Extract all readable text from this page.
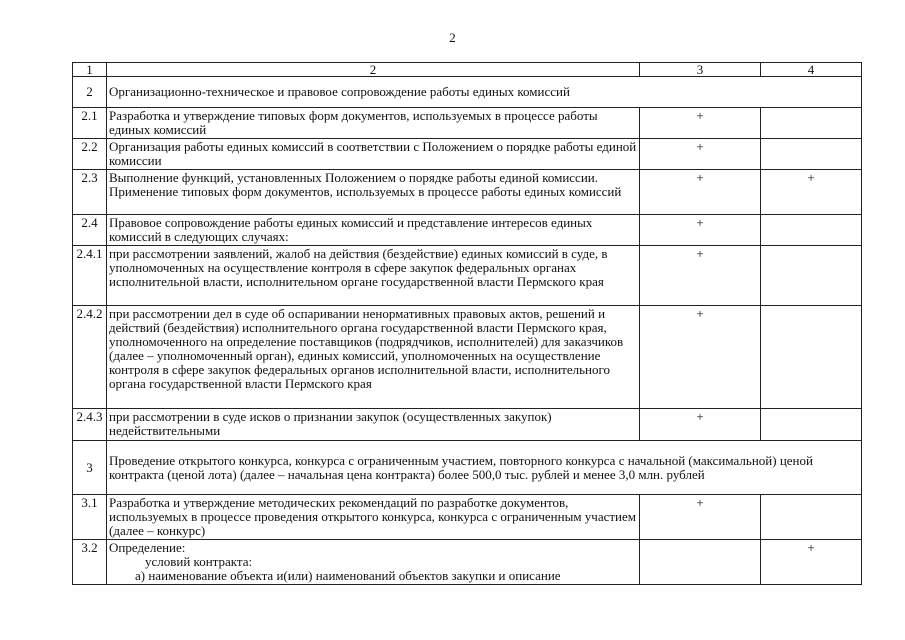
2
1	2	3	4
2	Организационно-техническое и правовое сопровождение работы единых комиссий		
2.1	Разработка и утверждение типовых форм документов, используемых в процессе работы единых комиссий	+	
2.2	Организация работы единых комиссий в соответствии с Положением о порядке работы единой комиссии	+	
2.3	Выполнение функций, установленных Положением о порядке работы единой комиссии. Применение типовых форм документов, используемых в процессе работы единых комиссий	+	+
2.4	Правовое сопровождение работы единых комиссий и представление интересов единых комиссий в следующих случаях:	+	
2.4.1	при рассмотрении заявлений, жалоб на действия (бездействие) единых комиссий в суде, в уполномоченных на осуществление контроля в сфере закупок федеральных органах исполнительной власти, исполнительном органе государственной власти Пермского края	+	
2.4.2	при рассмотрении дел в суде об оспаривании ненормативных правовых актов, решений и действий (бездействия) исполнительного органа государственной власти Пермского края, уполномоченного на определение поставщиков (подрядчиков, исполнителей) для заказчиков (далее – уполномоченный орган), единых комиссий, уполномоченных на осуществление контроля в сфере закупок федеральных органов исполнительной власти, исполнительного органа государственной власти Пермского края	+	
2.4.3	при рассмотрении в суде исков о признании закупок (осуществленных закупок) недействительными	+	
3	Проведение открытого конкурса, конкурса с ограниченным участием, повторного конкурса с начальной (максимальной) ценой контракта (ценой лота) (далее – начальная цена контракта) более 500,0 тыс. рублей и менее 3,0 млн. рублей		
3.1	Разработка и утверждение методических рекомендаций по разработке документов, используемых в процессе проведения открытого конкурса, конкурса с ограниченным участием (далее – конкурс)	+	
3.2	Определение:
условий контракта:
а) наименование объекта и(или) наименований объектов закупки и описание		+
